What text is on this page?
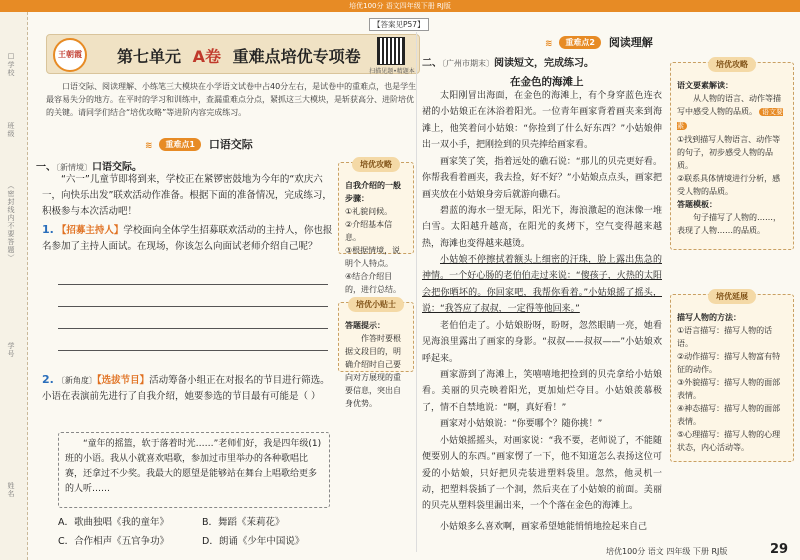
培优100分 语文四年级下册 RJ版
□学校
班级
（密封线内不要答题）
学号
姓名
【答案见P57】
王朝霞	第七单元 A卷 重难点培优专项卷
扫描见题•精题本
口语交际、阅读理解、小练笔三大模块在小学语文试卷中占40分左右，是试卷中的重难点，也是学生最容易失分的地方。在平时的学习和训练中，查漏重难点分点，紧抓这三大模块，是斩获高分、进阶培优的关键。请同学们结合“培优攻略”等进阶内容完成练习。
≋ 重难点1 口语交际
一、〔新情境〕口语交际。
“六一”儿童节即将到来，学校正在紧锣密鼓地为今年的“欢庆六一，向快乐出发”联欢活动作准备。根据下面的准备情况，完成练习，积极参与本次活动吧！
1. 【招募主持人】学校面向全体学生招募联欢活动的主持人，你也报名参加了主持人面试。在现场，你该怎么向面试老师介绍自己呢？
2. 〔新角度〕【选拔节目】活动筹备小组正在对报名的节目进行筛选。小语在表演前先进行了自我介绍，她要参选的节目最有可能是（ ）
“童年的摇篮，软于落着时光……”老师们好，我是四年级(1)班的小语。我从小就喜欢唱歌，参加过市里举办的各种歌唱比赛，还拿过不少奖。我最大的愿望是能够站在舞台上唱歌给更多的人听……
A．歌曲独唱《我的童年》	B．舞蹈《茉莉花》
C．合作相声《五官争功》	D．朗诵《少年中国说》
培优攻略
自我介绍的一般步骤：
①礼貌问候。
②介绍基本信息。
③根据情境，说明个人特点。
④结合介绍目的，进行总结。
培优小贴士
答题提示：
作答时要根据文段目的，明确介绍时自己要向对方展现的重要信息，突出自身优势。
≋ 重难点2 阅读理解
二、〔广州市期末〕阅读短文，完成练习。
在金色的海滩上
太阳刚冒出海面，在金色的海滩上，有个身穿蓝色连衣裙的小姑娘正在沐浴着阳光。一位青年画家背着画夹来到海滩上，他笑着问小姑娘：“你捡到了什么好东西？”小姑娘伸出一双小手，把刚捡到的贝壳捧给画家看。
画家笑了笑，指着远处的礁石说：“那儿的贝壳更好看。你帮我看着画夹，我去捡，好不好？”小姑娘点点头，画家把画夹放在小姑娘身旁后就游向礁石。
碧蓝的海水一望无际，阳光下，海浪激起的泡沫像一堆白雪。太阳越升越高，在阳光的炙烤下，空气变得越来越热，海滩也变得越来越烫。
小姑娘不停擦拭着额头上细密的汗珠，脸上露出焦急的神情。一个好心肠的老伯伯走过来说：“傻孩子，火热的太阳会把你晒坏的。你回家吧，我帮你看着。”小姑娘摇了摇头，说：“我答应了叔叔，一定得等他回来。”
老伯伯走了。小姑娘盼呀，盼呀，忽然眼睛一亮，她看见海浪里露出了画家的身影。“叔叔——叔叔——”小姑娘欢呼起来。
画家游到了海滩上，笑嘻嘻地把捡到的贝壳拿给小姑娘看。美丽的贝壳映着阳光，更加灿烂夺目。小姑娘羡慕极了，情不自禁地说：“啊，真好看！”
画家对小姑娘说：“你要哪个？随你挑！”
小姑娘摇摇头，对画家说：“我不要，老师说了，不能随便要别人的东西。”画家愣了一下，他不知道怎么表扬这位可爱的小姑娘，只好把贝壳装进塑料袋里。忽然，他灵机一动，把塑料袋插了一个洞，然后夹在了小姑娘的前面。美丽的贝壳从塑料袋里漏出来，一个个落在金色的海滩上。
小姑娘多么喜欢啊，画家希望她能悄悄地捡起来自己
培优攻略
语文要素解读：
从人物的语言、动作等描写中感受人物的品质。 语文要素
①找到描写人物语言、动作等的句子，初步感受人物的品质。
②联系具体情境进行分析，感受人物的品质。
答题模板：
句子描写了人物的……，表现了人物……的品质。
培优延展
描写人物的方法：
①语言描写：描写人物的话语。
②动作描写：描写人物富有特征的动作。
③外貌描写：描写人物的面部表情。
④神态描写：描写人物的面部表情。
⑤心理描写：描写人物的心理状态，内心活动等。
培优100分 语文 四年级 下册 RJ版	29
